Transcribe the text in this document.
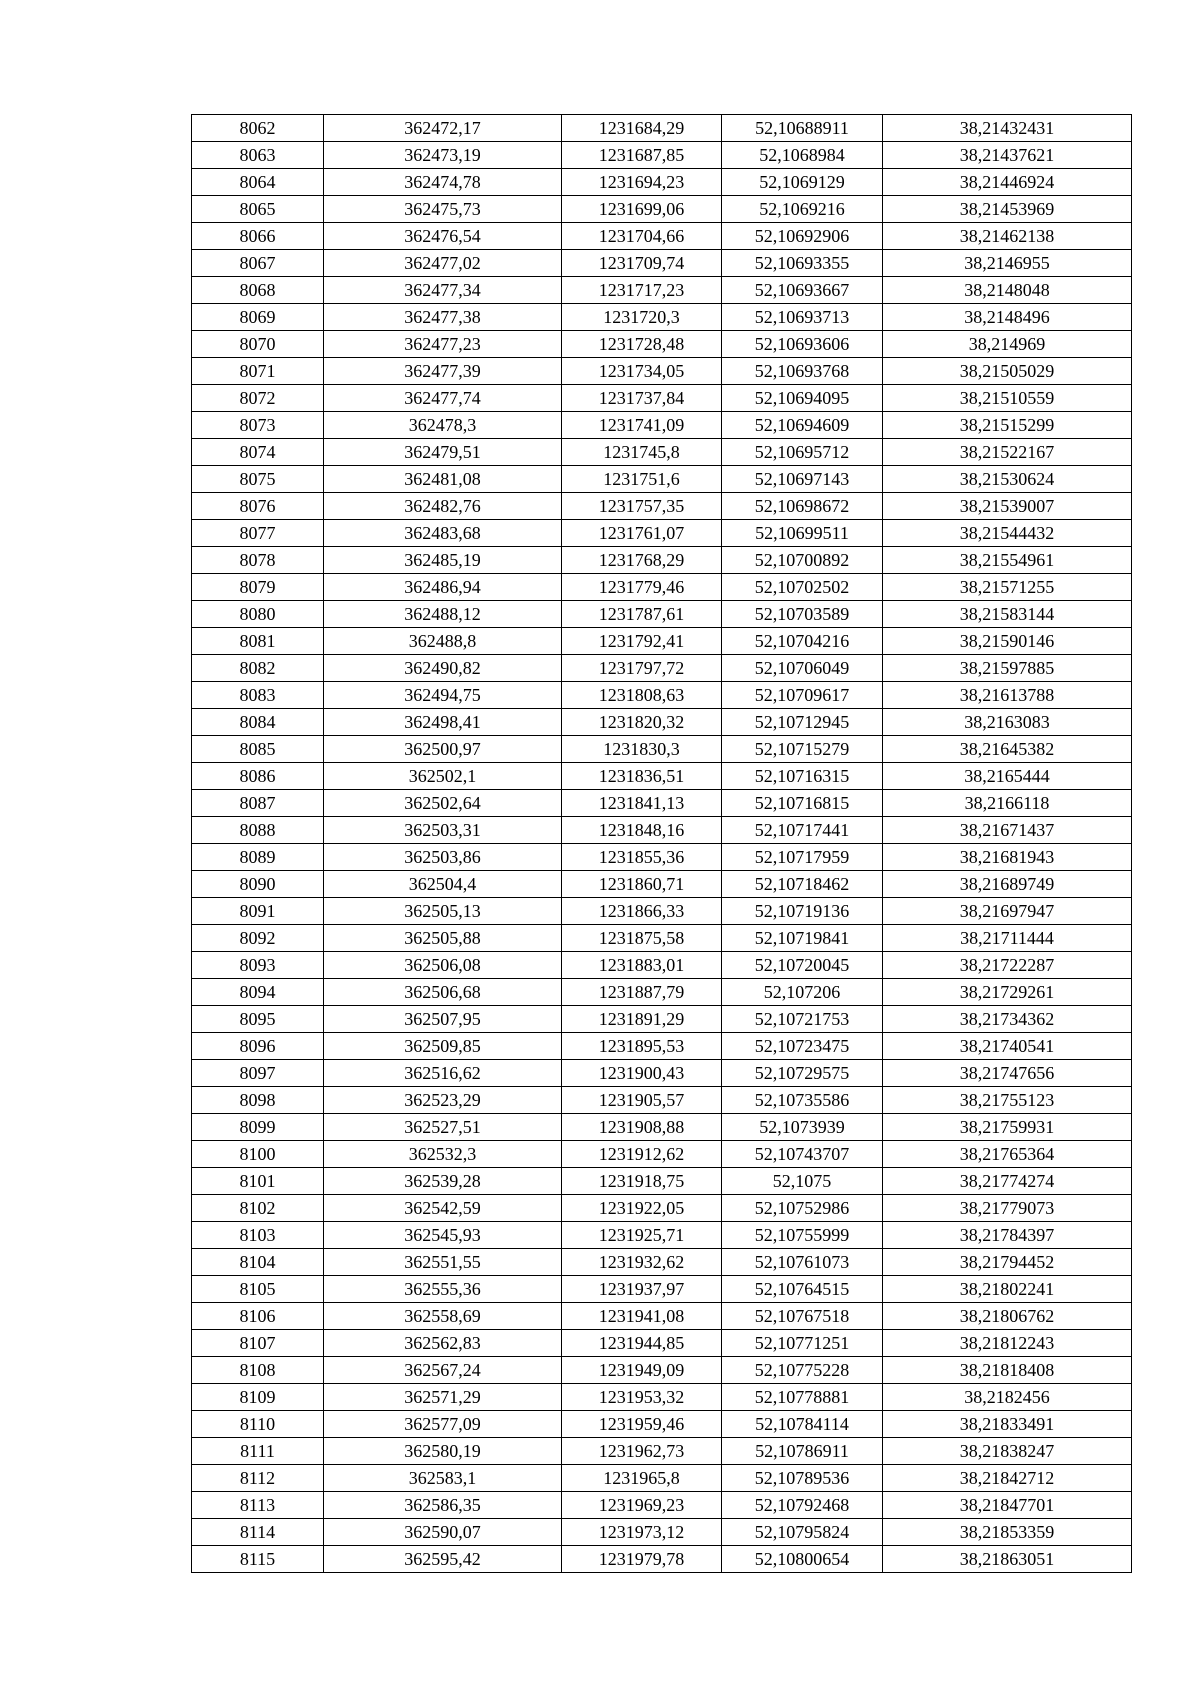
8062	362472,17	1231684,29	52,10688911	38,21432431
8063	362473,19	1231687,85	52,1068984	38,21437621
8064	362474,78	1231694,23	52,1069129	38,21446924
8065	362475,73	1231699,06	52,1069216	38,21453969
8066	362476,54	1231704,66	52,10692906	38,21462138
8067	362477,02	1231709,74	52,10693355	38,2146955
8068	362477,34	1231717,23	52,10693667	38,2148048
8069	362477,38	1231720,3	52,10693713	38,2148496
8070	362477,23	1231728,48	52,10693606	38,214969
8071	362477,39	1231734,05	52,10693768	38,21505029
8072	362477,74	1231737,84	52,10694095	38,21510559
8073	362478,3	1231741,09	52,10694609	38,21515299
8074	362479,51	1231745,8	52,10695712	38,21522167
8075	362481,08	1231751,6	52,10697143	38,21530624
8076	362482,76	1231757,35	52,10698672	38,21539007
8077	362483,68	1231761,07	52,10699511	38,21544432
8078	362485,19	1231768,29	52,10700892	38,21554961
8079	362486,94	1231779,46	52,10702502	38,21571255
8080	362488,12	1231787,61	52,10703589	38,21583144
8081	362488,8	1231792,41	52,10704216	38,21590146
8082	362490,82	1231797,72	52,10706049	38,21597885
8083	362494,75	1231808,63	52,10709617	38,21613788
8084	362498,41	1231820,32	52,10712945	38,2163083
8085	362500,97	1231830,3	52,10715279	38,21645382
8086	362502,1	1231836,51	52,10716315	38,2165444
8087	362502,64	1231841,13	52,10716815	38,2166118
8088	362503,31	1231848,16	52,10717441	38,21671437
8089	362503,86	1231855,36	52,10717959	38,21681943
8090	362504,4	1231860,71	52,10718462	38,21689749
8091	362505,13	1231866,33	52,10719136	38,21697947
8092	362505,88	1231875,58	52,10719841	38,21711444
8093	362506,08	1231883,01	52,10720045	38,21722287
8094	362506,68	1231887,79	52,107206	38,21729261
8095	362507,95	1231891,29	52,10721753	38,21734362
8096	362509,85	1231895,53	52,10723475	38,21740541
8097	362516,62	1231900,43	52,10729575	38,21747656
8098	362523,29	1231905,57	52,10735586	38,21755123
8099	362527,51	1231908,88	52,1073939	38,21759931
8100	362532,3	1231912,62	52,10743707	38,21765364
8101	362539,28	1231918,75	52,1075	38,21774274
8102	362542,59	1231922,05	52,10752986	38,21779073
8103	362545,93	1231925,71	52,10755999	38,21784397
8104	362551,55	1231932,62	52,10761073	38,21794452
8105	362555,36	1231937,97	52,10764515	38,21802241
8106	362558,69	1231941,08	52,10767518	38,21806762
8107	362562,83	1231944,85	52,10771251	38,21812243
8108	362567,24	1231949,09	52,10775228	38,21818408
8109	362571,29	1231953,32	52,10778881	38,2182456
8110	362577,09	1231959,46	52,10784114	38,21833491
8111	362580,19	1231962,73	52,10786911	38,21838247
8112	362583,1	1231965,8	52,10789536	38,21842712
8113	362586,35	1231969,23	52,10792468	38,21847701
8114	362590,07	1231973,12	52,10795824	38,21853359
8115	362595,42	1231979,78	52,10800654	38,21863051
